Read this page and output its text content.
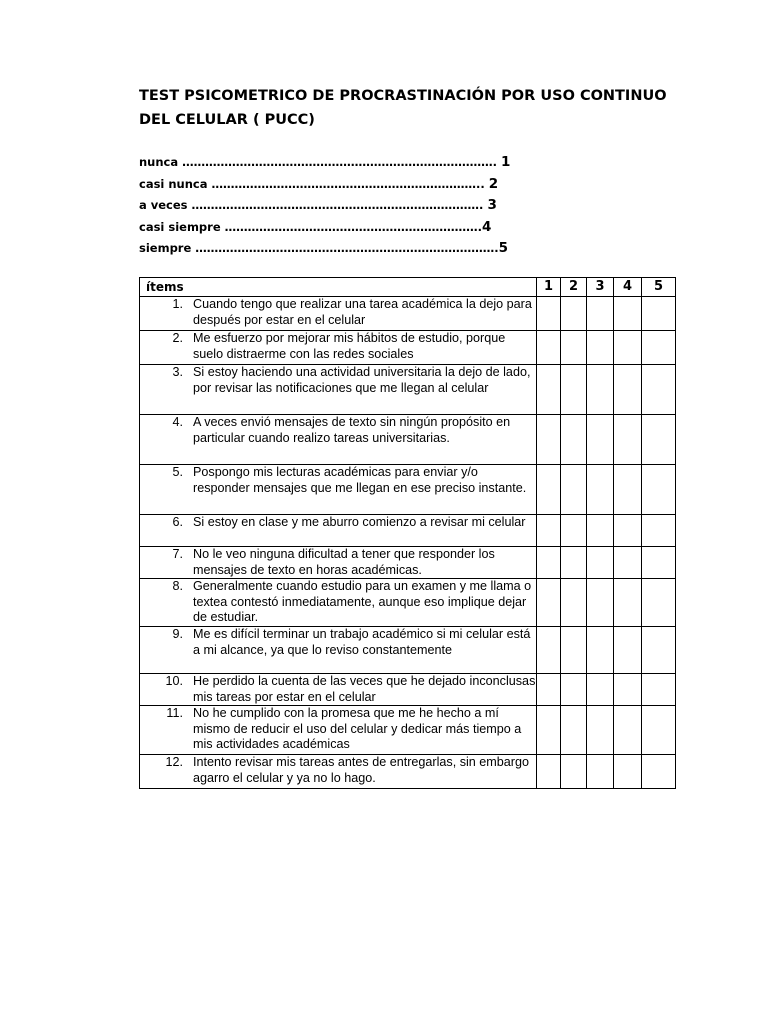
TEST PSICOMETRICO DE PROCRASTINACIÓN POR USO CONTINUO DEL CELULAR ( PUCC)
nunca ………………………………………………………………………. 1
casi nunca …………………………………………………………….. 2
a veces …………………………………………………………………. 3
casi siempre ………………………………………………………….4
siempre …………………………………………………………………….5
ítems	1	2	3	4	5

1. Cuando tengo que realizar una tarea académica la dejo para después por estar en el celular					

2. Me esfuerzo por mejorar mis hábitos de estudio, porque suelo distraerme con las redes sociales					

3. Si estoy haciendo una actividad universitaria la dejo de lado, por revisar las notificaciones que me llegan al celular					

4. A veces envió mensajes de texto sin ningún propósito en particular cuando realizo tareas universitarias.					

5. Pospongo mis lecturas académicas para enviar y/o responder mensajes que me llegan en ese preciso instante.					

6. Si estoy en clase y me aburro comienzo a revisar mi celular					

7. No le veo ninguna dificultad a tener que responder los mensajes de texto en horas académicas.					

8. Generalmente cuando estudio para un examen y me llama o textea contestó inmediatamente, aunque eso implique dejar de estudiar.					

9. Me es difícil terminar un trabajo académico si mi celular está a mi alcance, ya que lo reviso constantemente					

10. He perdido la cuenta de las veces que he dejado inconclusas mis tareas por estar en el celular					

11. No he cumplido con la promesa que me he hecho a mí mismo de reducir el uso del celular y dedicar más tiempo a mis actividades académicas					

12. Intento revisar mis tareas antes de entregarlas, sin embargo agarro el celular y ya no lo hago.					
